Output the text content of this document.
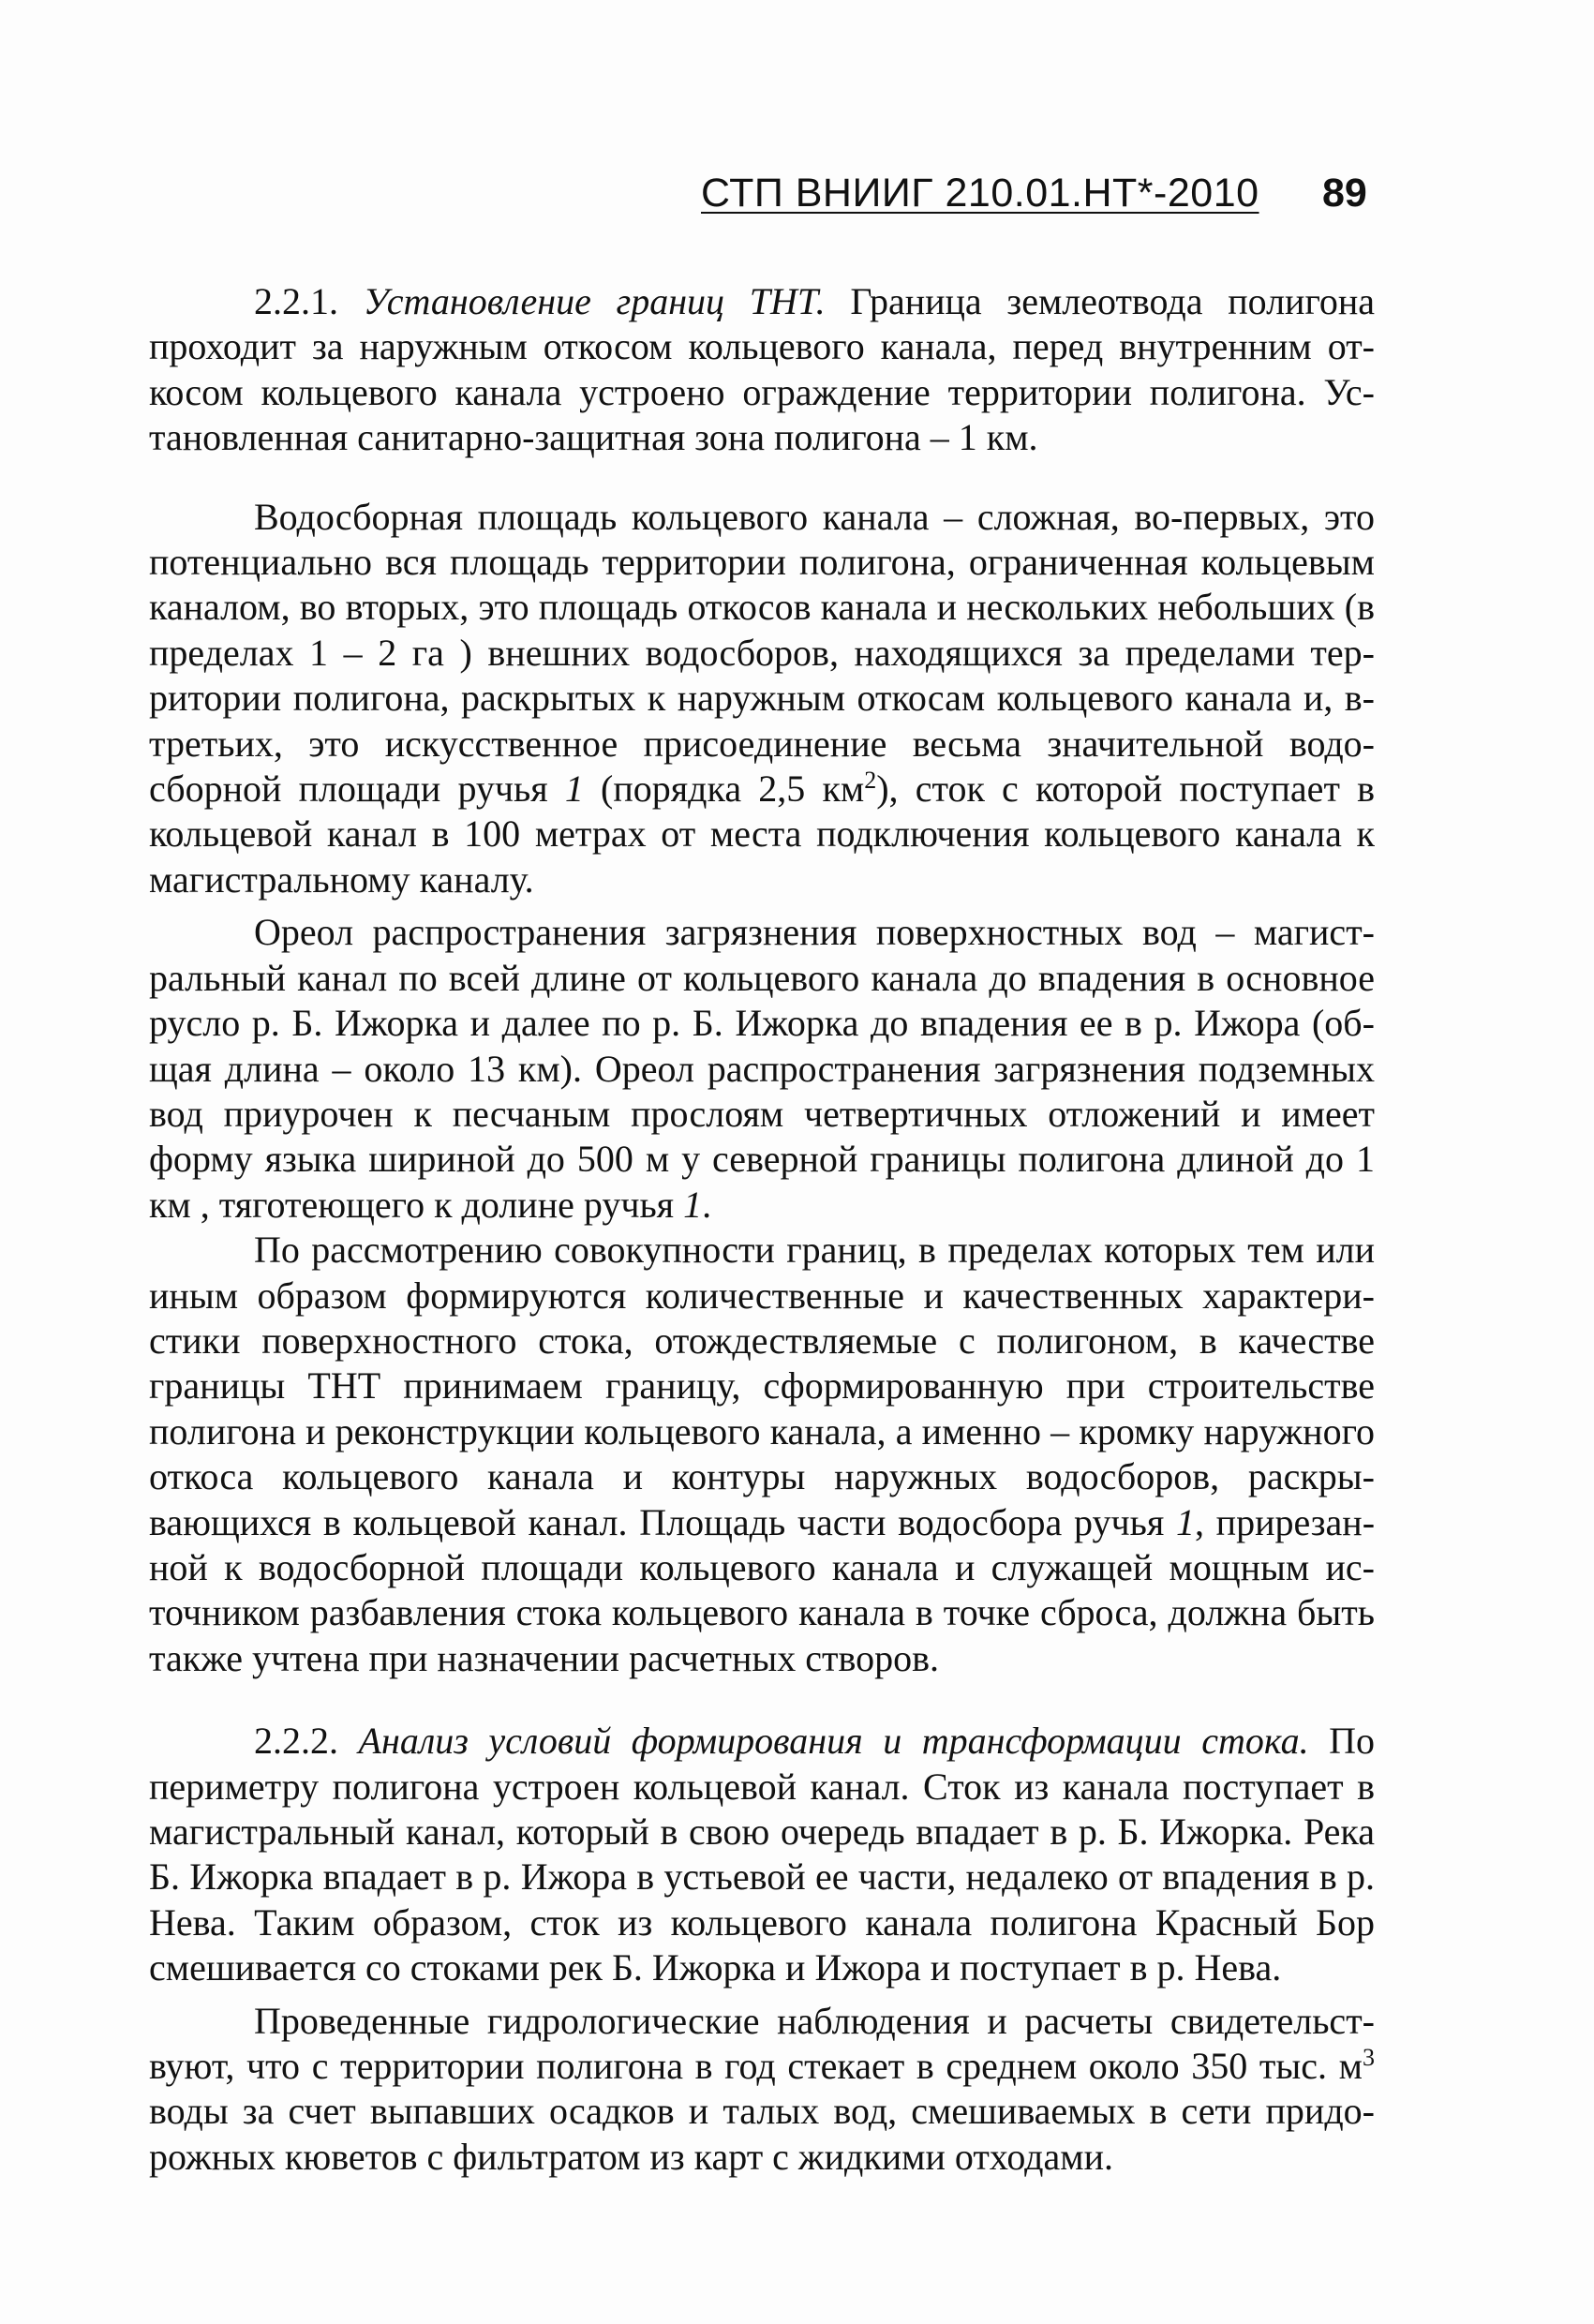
СТП ВНИИГ 210.01.НТ*-2010 89

2.2.1. Установление границ ТНТ. Граница землеотвода полигона проходит за наружным откосом кольцевого канала, перед внутренним откосом кольцевого канала устроено ограждение территории полигона. Установленная санитарно-защитная зона полигона – 1 км.

Водосборная площадь кольцевого канала – сложная, во-первых, это потенциально вся площадь территории полигона, ограниченная кольцевым каналом, во вторых, это площадь откосов канала и нескольких небольших (в пределах 1 – 2 га ) внешних водосборов, находящихся за пределами территории полигона, раскрытых к наружным откосам кольцевого канала и, в-третьих, это искусственное присоединение весьма значительной водосборной площади ручья 1 (порядка 2,5 $км^2$), сток с которой поступает в кольцевой канал в 100 метрах от места подключения кольцевого канала к магистральному каналу.

Ореол распространения загрязнения поверхностных вод – магистральный канал по всей длине от кольцевого канала до впадения в основное русло р. Б. Ижорка и далее по р. Б. Ижорка до впадения ее в р. Ижора (общая длина – около 13 км). Ореол распространения загрязнения подземных вод приурочен к песчаным прослоям четвертичных отложений и имеет форму языка шириной до 500 м у северной границы полигона длиной до 1 км , тяготеющего к долине ручья 1.

По рассмотрению совокупности границ, в пределах которых тем или иным образом формируются количественные и качественных характеристики поверхностного стока, отождествляемые с полигоном, в качестве границы ТНТ принимаем границу, сформированную при строительстве полигона и реконструкции кольцевого канала, а именно – кромку наружного откоса кольцевого канала и контуры наружных водосборов, раскрывающихся в кольцевой канал. Площадь части водосбора ручья 1, прирезанной к водосборной площади кольцевого канала и служащей мощным источником разбавления стока кольцевого канала в точке сброса, должна быть также учтена при назначении расчетных створов.

2.2.2. Анализ условий формирования и трансформации стока. По периметру полигона устроен кольцевой канал. Сток из канала поступает в магистральный канал, который в свою очередь впадает в р. Б. Ижорка. Река Б. Ижорка впадает в р. Ижора в устьевой ее части, недалеко от впадения в р. Нева. Таким образом, сток из кольцевого канала полигона Красный Бор смешивается со стоками рек Б. Ижорка и Ижора и поступает в р. Нева.

Проведенные гидрологические наблюдения и расчеты свидетельствуют, что с территории полигона в год стекает в среднем около 350 тыс. $м^3$ воды за счет выпавших осадков и талых вод, смешиваемых в сети придорожных кюветов с фильтратом из карт с жидкими отходами.
